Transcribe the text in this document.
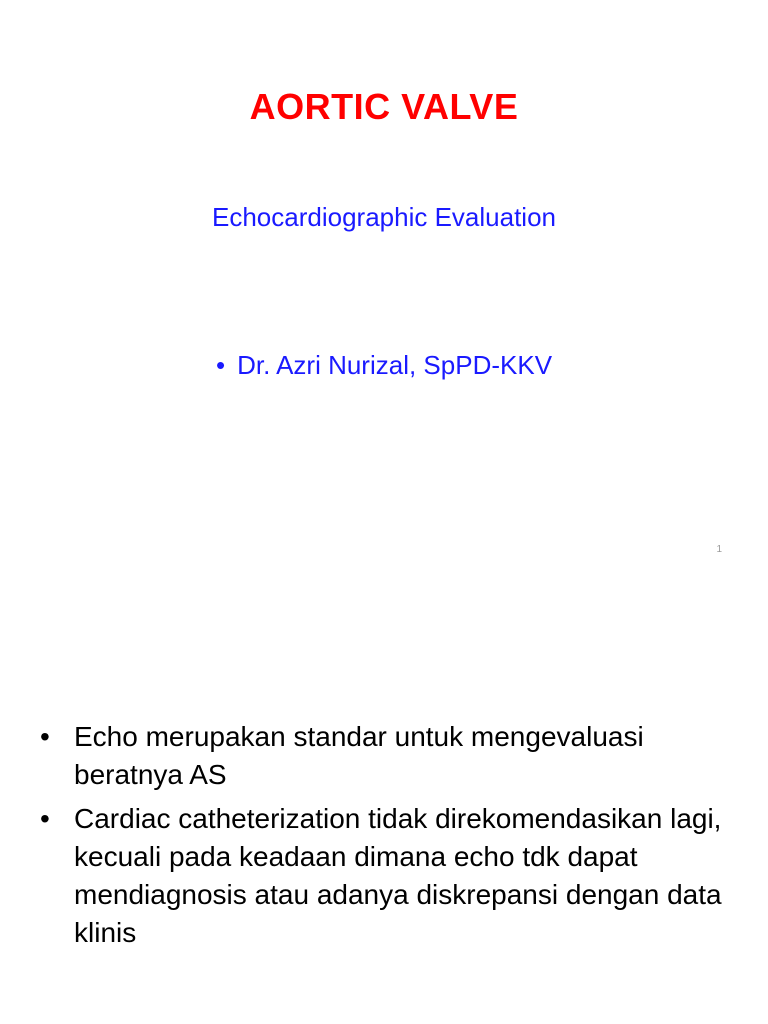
AORTIC VALVE
Echocardiographic Evaluation
• Dr. Azri Nurizal, SpPD-KKV
1
• Echo merupakan standar untuk mengevaluasi beratnya AS
• Cardiac catheterization tidak direkomendasikan lagi, kecuali pada keadaan dimana echo tdk dapat mendiagnosis atau adanya diskrepansi dengan data klinis
